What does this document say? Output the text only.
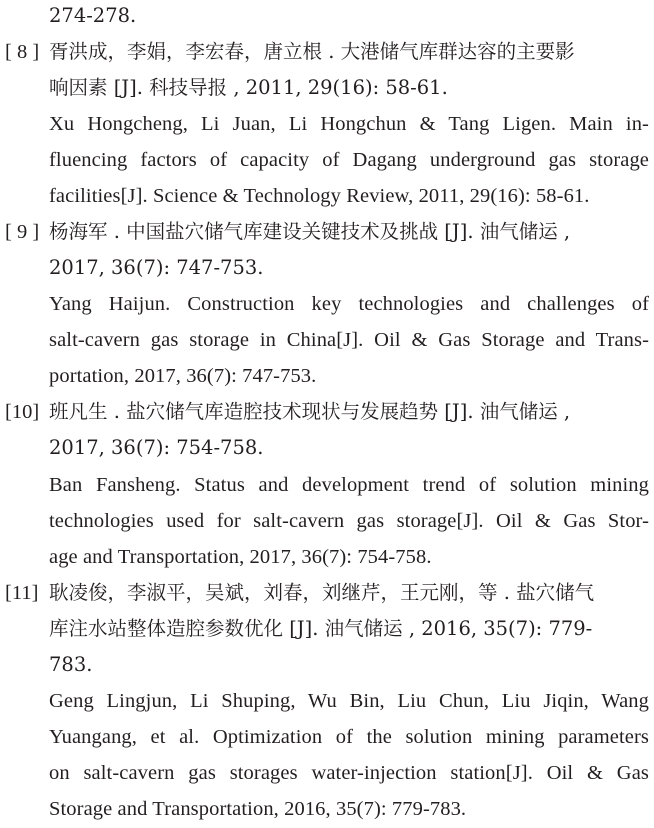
274-278.
[ 8 ] 胥洪成，李娟，李宏春，唐立根 . 大港储气库群达容的主要影
响因素 [J]. 科技导报 , 2011, 29(16): 58-61.
Xu Hongcheng, Li Juan, Li Hongchun & Tang Ligen. Main in-
fluencing factors of capacity of Dagang underground gas storage
facilities[J]. Science & Technology Review, 2011, 29(16): 58-61.
[ 9 ] 杨海军 . 中国盐穴储气库建设关键技术及挑战 [J]. 油气储运 ,
2017, 36(7): 747-753.
Yang Haijun. Construction key technologies and challenges of
salt-cavern gas storage in China[J]. Oil & Gas Storage and Trans-
portation, 2017, 36(7): 747-753.
[10] 班凡生 . 盐穴储气库造腔技术现状与发展趋势 [J]. 油气储运 ,
2017, 36(7): 754-758.
Ban Fansheng. Status and development trend of solution mining
technologies used for salt-cavern gas storage[J]. Oil & Gas Stor-
age and Transportation, 2017, 36(7): 754-758.
[11] 耿凌俊，李淑平，吴斌，刘春，刘继芹，王元刚，等 . 盐穴储气
库注水站整体造腔参数优化 [J]. 油气储运 , 2016, 35(7): 779-
783.
Geng Lingjun, Li Shuping, Wu Bin, Liu Chun, Liu Jiqin, Wang
Yuangang, et al. Optimization of the solution mining parameters
on salt-cavern gas storages water-injection station[J]. Oil & Gas
Storage and Transportation, 2016, 35(7): 779-783.
